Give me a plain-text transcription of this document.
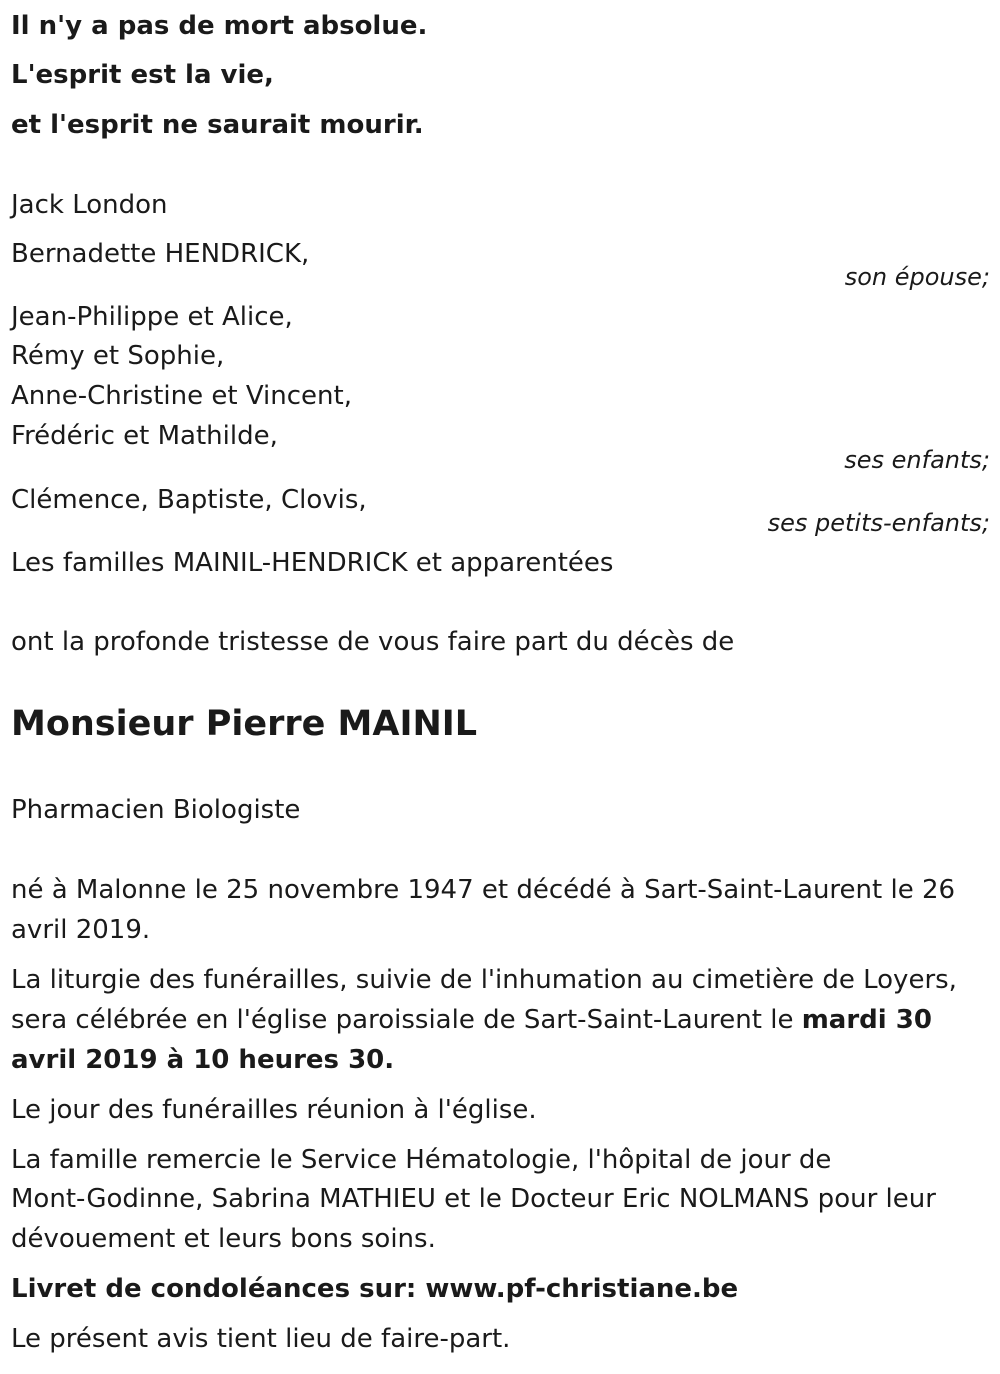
Il n'y a pas de mort absolue.
L'esprit est la vie,
et l'esprit ne saurait mourir.
Jack London
Bernadette HENDRICK,
son épouse;
Jean-Philippe et Alice,
Rémy et Sophie,
Anne-Christine et Vincent,
Frédéric et Mathilde,
ses enfants;
Clémence, Baptiste, Clovis,
ses petits-enfants;
Les familles MAINIL-HENDRICK et apparentées
ont la profonde tristesse de vous faire part du décès de
Monsieur Pierre MAINIL
Pharmacien Biologiste
né à Malonne le 25 novembre 1947 et décédé à Sart-Saint-Laurent le 26
avril 2019.
La liturgie des funérailles, suivie de l'inhumation au cimetière de Loyers,
sera célébrée en l'église paroissiale de Sart-Saint-Laurent le mardi 30
avril 2019 à 10 heures 30.
Le jour des funérailles réunion à l'église.
La famille remercie le Service Hématologie, l'hôpital de jour de
Mont-Godinne, Sabrina MATHIEU et le Docteur Eric NOLMANS pour leur
dévouement et leurs bons soins.
Livret de condoléances sur: www.pf-christiane.be
Le présent avis tient lieu de faire-part.
